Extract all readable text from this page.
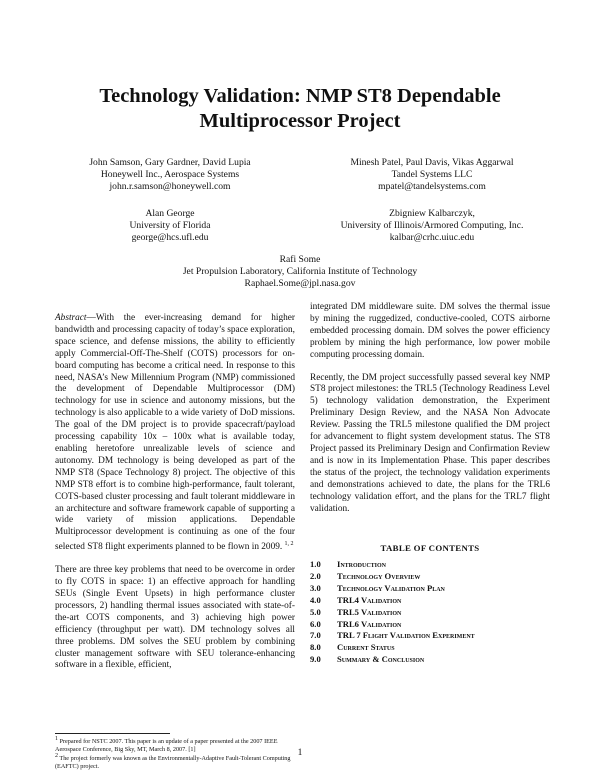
Technology Validation: NMP ST8 Dependable
Multiprocessor Project
John Samson, Gary Gardner, David Lupia
Honeywell Inc., Aerospace Systems
john.r.samson@honeywell.com
Minesh Patel, Paul Davis, Vikas Aggarwal
Tandel Systems LLC
mpatel@tandelsystems.com
Alan George
University of Florida
george@hcs.ufl.edu
Zbigniew Kalbarczyk,
University of Illinois/Armored Computing, Inc.
kalbar@crhc.uiuc.edu
Rafi Some
Jet Propulsion Laboratory, California Institute of Technology
Raphael.Some@jpl.nasa.gov

Abstract—With the ever-increasing demand for higher bandwidth and processing capacity of today’s space exploration, space science, and defense missions, the ability to efficiently apply Commercial-Off-The-Shelf (COTS) processors for on-board computing has become a critical need. In response to this need, NASA’s New Millennium Program (NMP) commissioned the development of Dependable Multiprocessor (DM) technology for use in science and autonomy missions, but the technology is also applicable to a wide variety of DoD missions. The goal of the DM project is to provide spacecraft/payload processing capability 10x – 100x what is available today, enabling heretofore unrealizable levels of science and autonomy. DM technology is being developed as part of the NMP ST8 (Space Technology 8) project. The objective of this NMP ST8 effort is to combine high-performance, fault tolerant, COTS-based cluster processing and fault tolerant middleware in an architecture and software framework capable of supporting a wide variety of mission applications. Dependable Multiprocessor development is continuing as one of the four selected ST8 flight experiments planned to be flown in 2009. $^{1, 2}$

There are three key problems that need to be overcome in order to fly COTS in space: 1) an effective approach for handling SEUs (Single Event Upsets) in high performance cluster processors, 2) handling thermal issues associated with state-of-the-art COTS components, and 3) achieving high power efficiency (throughput per watt). DM technology solves all three problems. DM solves the SEU problem by combining cluster management software with SEU tolerance-enhancing software in a flexible, efficient,

integrated DM middleware suite. DM solves the thermal issue by mining the ruggedized, conductive-cooled, COTS airborne embedded processing domain. DM solves the power efficiency problem by mining the high performance, low power mobile computing processing domain.

Recently, the DM project successfully passed several key NMP ST8 project milestones: the TRL5 (Technology Readiness Level 5) technology validation demonstration, the Experiment Preliminary Design Review, and the NASA Non Advocate Review. Passing the TRL5 milestone qualified the DM project for advancement to flight system development status. The ST8 Project passed its Preliminary Design and Confirmation Review and is now in its Implementation Phase. This paper describes the status of the project, the technology validation experiments and demonstrations achieved to date, the plans for the TRL6 technology validation effort, and the plans for the TRL7 flight validation.

TABLE OF CONTENTS
1.0	Introduction
2.0	Technology Overview
3.0	Technology Validation Plan
4.0	TRL4 Validation
5.0	TRL5 Validation
6.0	TRL6 Validation
7.0	TRL 7 Flight Validation Experiment
8.0	Current Status
9.0	Summary & Conclusion

$^1$ Prepared for NSTC 2007. This paper is an update of a paper presented at the 2007 IEEE Aerospace Conference, Big Sky, MT, March 8, 2007. [1]

$^2$ The project formerly was known as the Environmentally-Adaptive Fault-Tolerant Computing (EAFTC) project.

1
